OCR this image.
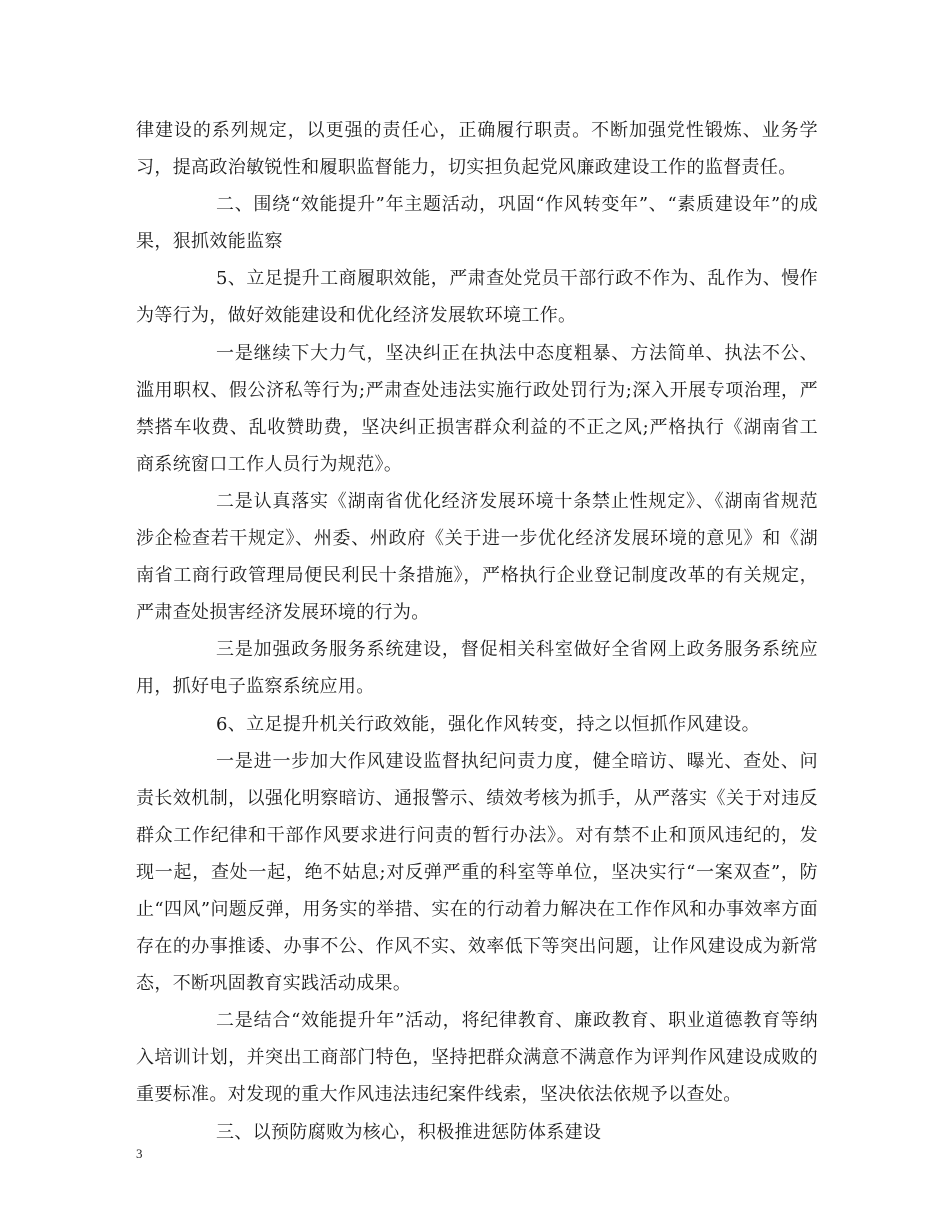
律建设的系列规定，以更强的责任心，正确履行职责。不断加强党性锻炼、业务学习，提高政治敏锐性和履职监督能力，切实担负起党风廉政建设工作的监督责任。

二、围绕“效能提升”年主题活动，巩固“作风转变年”、“素质建设年”的成果，狠抓效能监察

5、立足提升工商履职效能，严肃查处党员干部行政不作为、乱作为、慢作为等行为，做好效能建设和优化经济发展软环境工作。

一是继续下大力气，坚决纠正在执法中态度粗暴、方法简单、执法不公、滥用职权、假公济私等行为;严肃查处违法实施行政处罚行为;深入开展专项治理，严禁搭车收费、乱收赞助费，坚决纠正损害群众利益的不正之风;严格执行《湖南省工商系统窗口工作人员行为规范》。

二是认真落实《湖南省优化经济发展环境十条禁止性规定》、《湖南省规范涉企检查若干规定》、州委、州政府《关于进一步优化经济发展环境的意见》和《湖南省工商行政管理局便民利民十条措施》，严格执行企业登记制度改革的有关规定，严肃查处损害经济发展环境的行为。

三是加强政务服务系统建设，督促相关科室做好全省网上政务服务系统应用，抓好电子监察系统应用。

6、立足提升机关行政效能，强化作风转变，持之以恒抓作风建设。

一是进一步加大作风建设监督执纪问责力度，健全暗访、曝光、查处、问责长效机制，以强化明察暗访、通报警示、绩效考核为抓手，从严落实《关于对违反群众工作纪律和干部作风要求进行问责的暂行办法》。对有禁不止和顶风违纪的，发现一起，查处一起，绝不姑息;对反弹严重的科室等单位，坚决实行“一案双查”，防止“四风”问题反弹，用务实的举措、实在的行动着力解决在工作作风和办事效率方面存在的办事推诿、办事不公、作风不实、效率低下等突出问题，让作风建设成为新常态，不断巩固教育实践活动成果。

二是结合“效能提升年”活动，将纪律教育、廉政教育、职业道德教育等纳入培训计划，并突出工商部门特色，坚持把群众满意不满意作为评判作风建设成败的重要标准。对发现的重大作风违法违纪案件线索，坚决依法依规予以查处。

三、以预防腐败为核心，积极推进惩防体系建设

3
